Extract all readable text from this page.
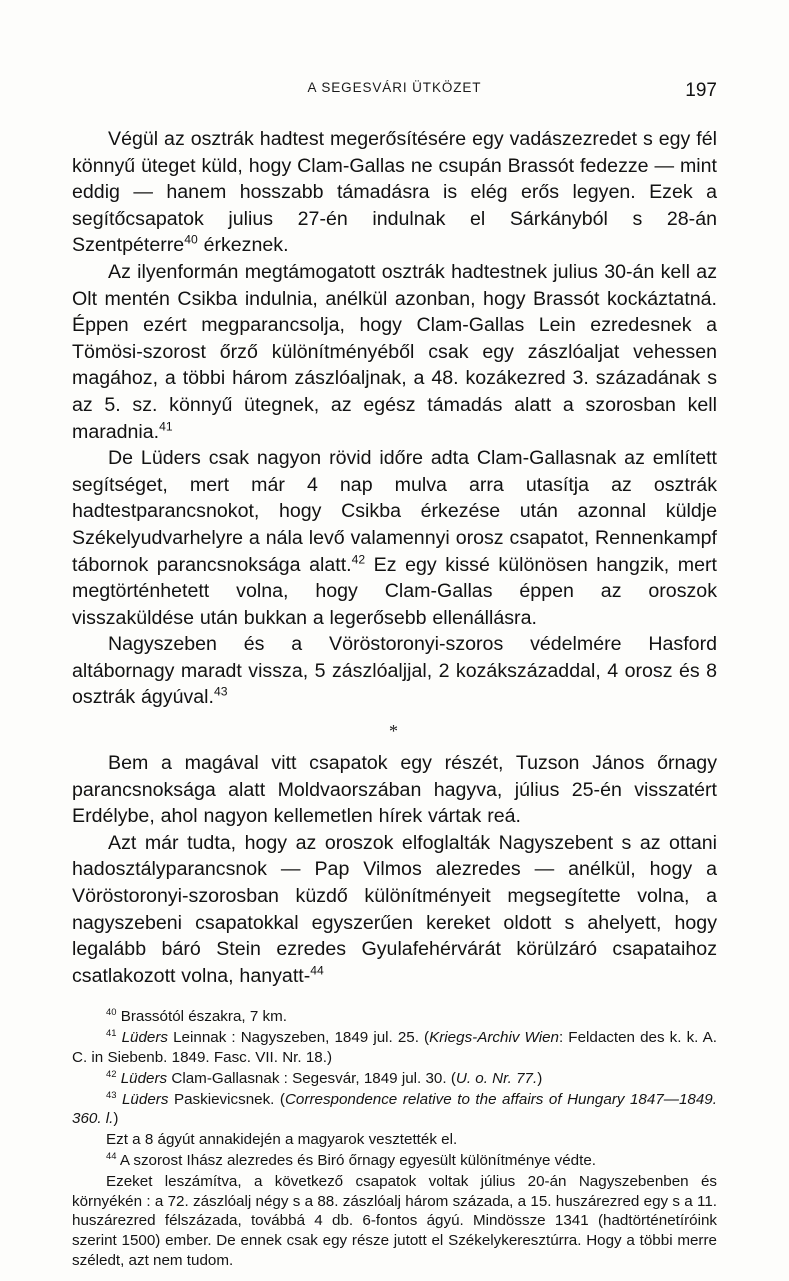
A SEGESVÁRI ÜTKÖZET	197

Végül az osztrák hadtest megerősítésére egy vadászezredet s egy fél könnyű üteget küld, hogy Clam-Gallas ne csupán Brassót fedezze — mint eddig — hanem hosszabb támadásra is elég erős legyen. Ezek a segítőcsapatok julius 27-én indulnak el Sárkányból s 28-án Szentpéterre$^{40}$ érkeznek.

Az ilyenformán megtámogatott osztrák hadtestnek julius 30-án kell az Olt mentén Csikba indulnia, anélkül azonban, hogy Brassót kockáztatná. Éppen ezért megparancsolja, hogy Clam-Gallas Lein ezredesnek a Tömösi-szorost őrző különítményéből csak egy zászlóaljat vehessen magához, a többi három zászlóaljnak, a 48. kozákezred 3. századának s az 5. sz. könnyű ütegnek, az egész támadás alatt a szorosban kell maradnia.$^{41}$

De Lüders csak nagyon rövid időre adta Clam-Gallasnak az említett segítséget, mert már 4 nap mulva arra utasítja az osztrák hadtestparancsnokot, hogy Csikba érkezése után azonnal küldje Székelyudvarhelyre a nála levő valamennyi orosz csapatot, Rennenkampf tábornok parancsnoksága alatt.$^{42}$ Ez egy kissé különösen hangzik, mert megtörténhetett volna, hogy Clam-Gallas éppen az oroszok visszaküldése után bukkan a legerősebb ellenállásra.

Nagyszeben és a Vöröstoronyi-szoros védelmére Hasford altábornagy maradt vissza, 5 zászlóaljjal, 2 kozákszázaddal, 4 orosz és 8 osztrák ágyúval.$^{43}$

*

Bem a magával vitt csapatok egy részét, Tuzson János őrnagy parancsnoksága alatt Moldvaorszában hagyva, július 25-én visszatért Erdélybe, ahol nagyon kellemetlen hírek vártak reá.

Azt már tudta, hogy az oroszok elfoglalták Nagyszebent s az ottani hadosztályparancsnok — Pap Vilmos alezredes — anélkül, hogy a Vöröstoronyi-szorosban küzdő különítményeit megsegítette volna, a nagyszebeni csapatokkal egyszerűen kereket oldott s ahelyett, hogy legalább báró Stein ezredes Gyulafehérvárát körülzáró csapataihoz csatlakozott volna, hanyatt-$^{44}$

$^{40}$ Brassótól északra, 7 km.

$^{41}$ Lüders Leinnak : Nagyszeben, 1849 jul. 25. (Kriegs-Archiv Wien: Feldacten des k. k. A. C. in Siebenb. 1849. Fasc. VII. Nr. 18.)

$^{42}$ Lüders Clam-Gallasnak : Segesvár, 1849 jul. 30. (U. o. Nr. 77.)

$^{43}$ Lüders Paskievicsnek. (Correspondence relative to the affairs of Hungary 1847—1849. 360. l.)

Ezt a 8 ágyút annakidején a magyarok vesztették el.

$^{44}$ A szorost Ihász alezredes és Biró őrnagy egyesült különítménye védte.

Ezeket leszámítva, a következő csapatok voltak július 20-án Nagyszebenben és környékén : a 72. zászlóalj négy s a 88. zászlóalj három százada, a 15. huszárezred egy s a 11. huszárezred félszázada, továbbá 4 db. 6-fontos ágyú. Mindössze 1341 (hadtörténetíróink szerint 1500) ember. De ennek csak egy része jutott el Székelykeresztúrra. Hogy a többi merre széledt, azt nem tudom.
